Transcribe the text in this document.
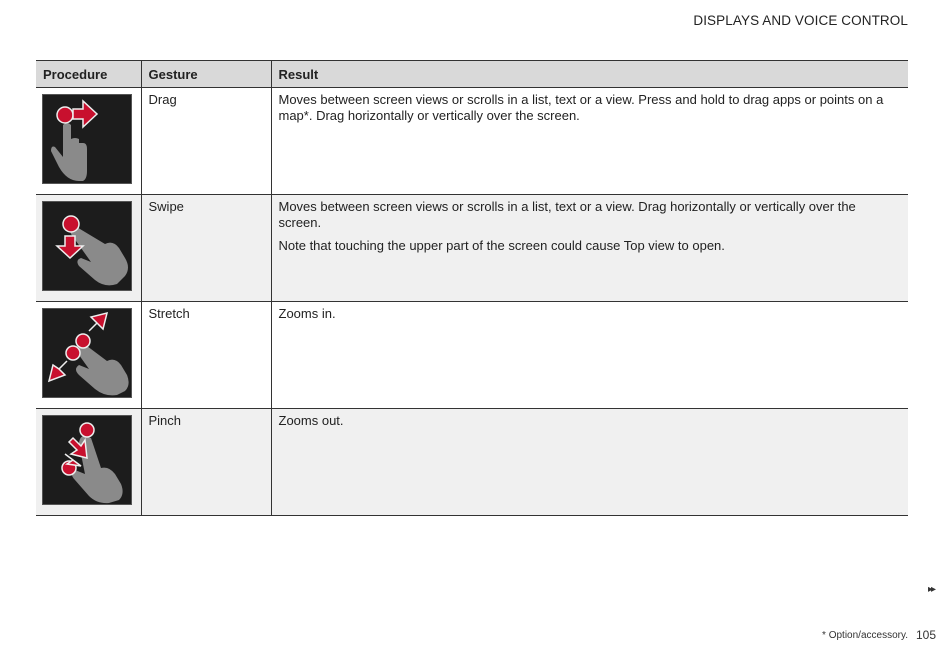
DISPLAYS AND VOICE CONTROL
Procedure	Gesture	Result

	Drag	Moves between screen views or scrolls in a list, text or a view. Press and hold to drag apps or points on a map*. Drag horizontally or vertically over the screen.

	Swipe	Moves between screen views or scrolls in a list, text or a view. Drag horizontally or vertically over the screen.

Note that touching the upper part of the screen could cause Top view to open.

	Stretch	Zooms in.

	Pinch	Zooms out.

▸▸
* Option/accessory. 105
